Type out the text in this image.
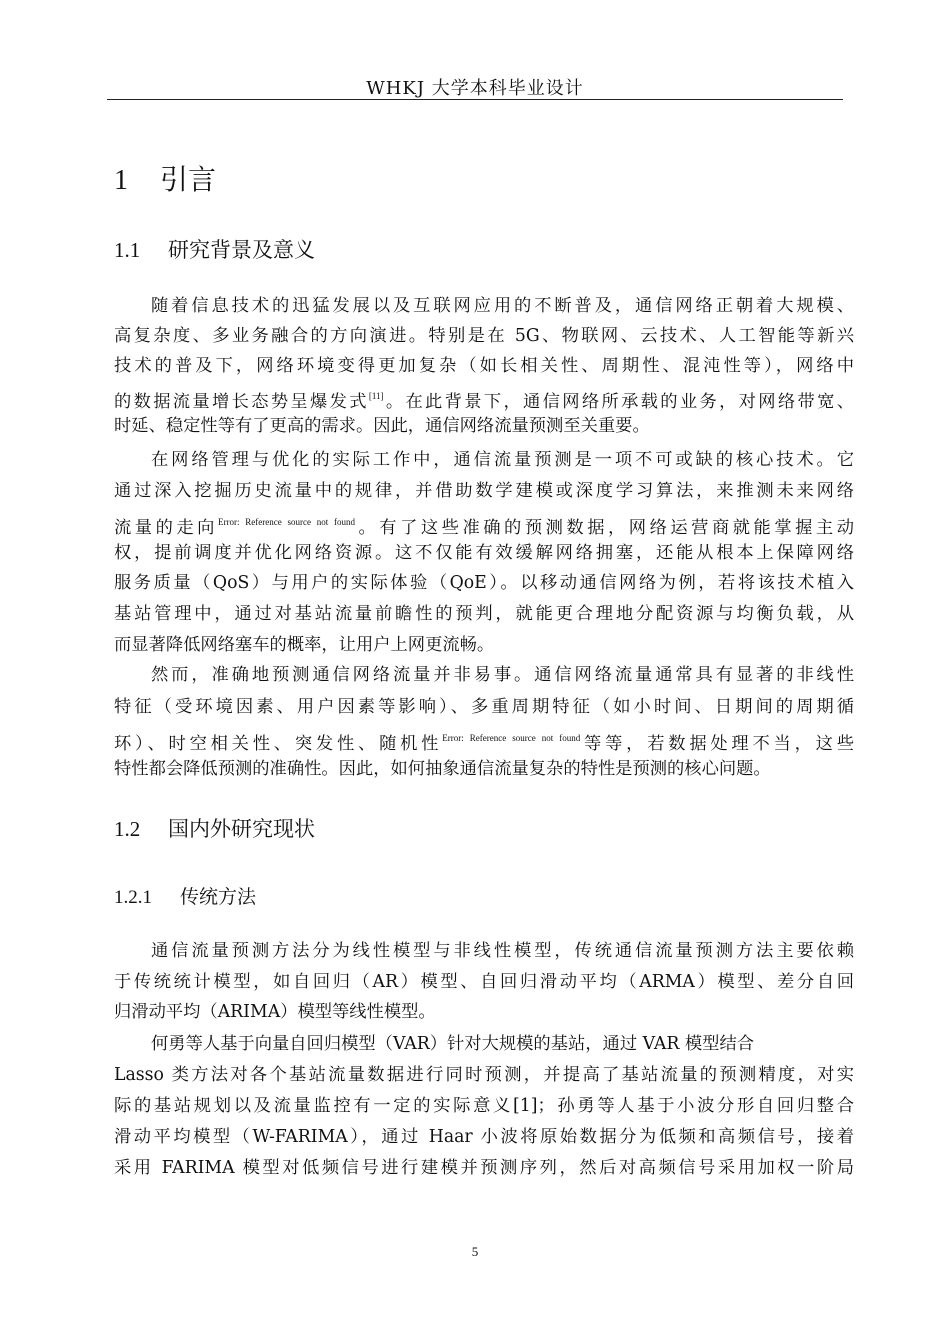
WHKJ 大学本科毕业设计
1 引言
1.1 研究背景及意义
随着信息技术的迅猛发展以及互联网应用的不断普及，通信网络正朝着大规模、
高复杂度、多业务融合的方向演进。特别是在 5G、物联网、云技术、人工智能等新兴
技术的普及下，网络环境变得更加复杂（如长相关性、周期性、混沌性等），网络中
的数据流量增长态势呈爆发式[11]。在此背景下，通信网络所承载的业务，对网络带宽、
时延、稳定性等有了更高的需求。因此，通信网络流量预测至关重要。
在网络管理与优化的实际工作中，通信流量预测是一项不可或缺的核心技术。它
通过深入挖掘历史流量中的规律，并借助数学建模或深度学习算法，来推测未来网络
流量的走向$^{Error: Reference source not found}$。有了这些准确的预测数据，网络运营商就能掌握主动
权，提前调度并优化网络资源。这不仅能有效缓解网络拥塞，还能从根本上保障网络
服务质量（QoS）与用户的实际体验（QoE）。以移动通信网络为例，若将该技术植入
基站管理中，通过对基站流量前瞻性的预判，就能更合理地分配资源与均衡负载，从
而显著降低网络塞车的概率，让用户上网更流畅。
然而，准确地预测通信网络流量并非易事。通信网络流量通常具有显著的非线性
特征（受环境因素、用户因素等影响）、多重周期特征（如小时间、日期间的周期循
环）、时空相关性、突发性、随机性$^{Error: Reference source not found}$等等，若数据处理不当，这些
特性都会降低预测的准确性。因此，如何抽象通信流量复杂的特性是预测的核心问题。
1.2 国内外研究现状
1.2.1 传统方法
通信流量预测方法分为线性模型与非线性模型，传统通信流量预测方法主要依赖
于传统统计模型，如自回归（AR）模型、自回归滑动平均（ARMA）模型、差分自回
归滑动平均（ARIMA）模型等线性模型。
何勇等人基于向量自回归模型（VAR）针对大规模的基站，通过 VAR 模型结合
Lasso 类方法对各个基站流量数据进行同时预测，并提高了基站流量的预测精度，对实
际的基站规划以及流量监控有一定的实际意义[1]；孙勇等人基于小波分形自回归整合
滑动平均模型（W-FARIMA），通过 Haar 小波将原始数据分为低频和高频信号，接着
采用 FARIMA 模型对低频信号进行建模并预测序列，然后对高频信号采用加权一阶局
5
